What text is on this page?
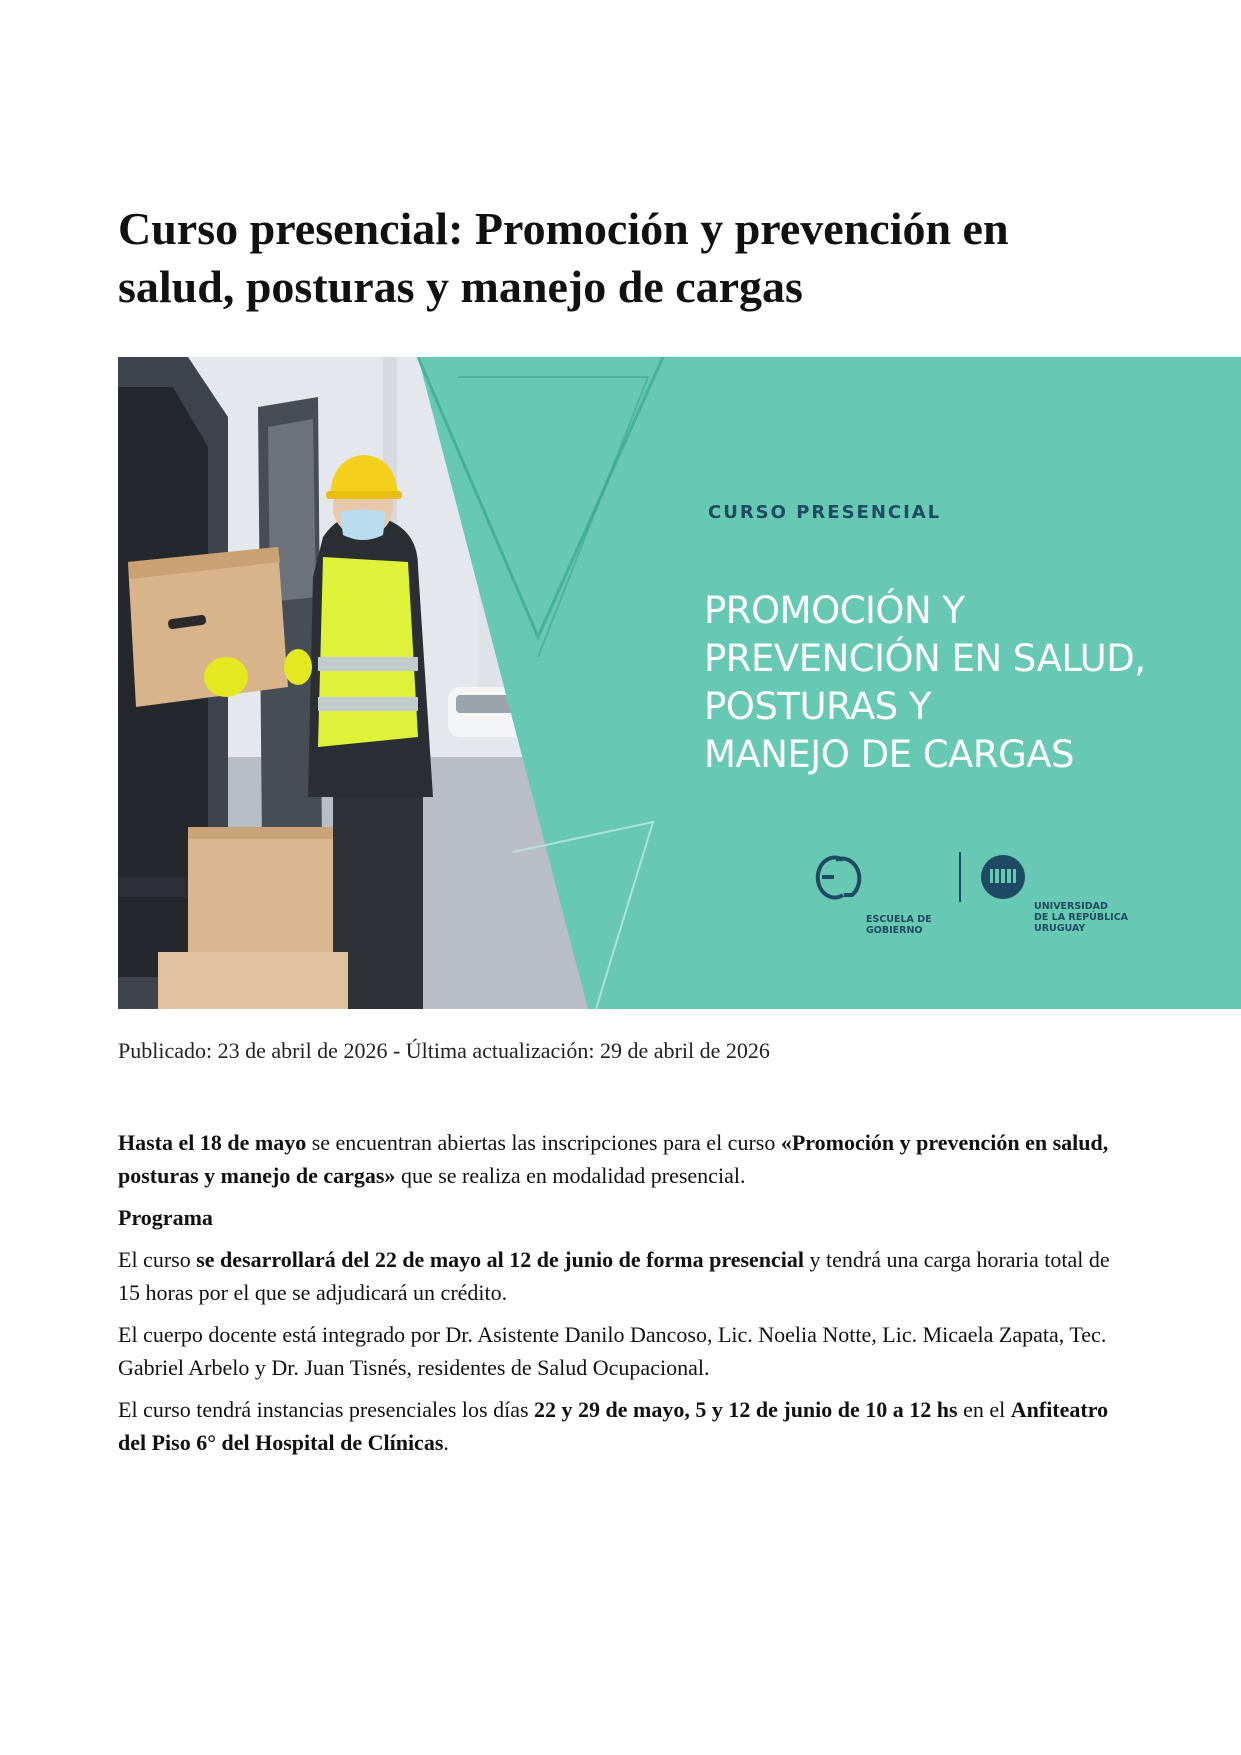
Curso presencial: Promoción y prevención en salud, posturas y manejo de cargas
CURSO PRESENCIAL
PROMOCIÓN Y
PREVENCIÓN EN SALUD,
POSTURAS Y
MANEJO DE CARGAS
ESCUELA DE
GOBIERNO
UNIVERSIDAD
DE LA REPÚBLICA
URUGUAY

Publicado: 23 de abril de 2026 - Última actualización: 29 de abril de 2026

Hasta el 18 de mayo se encuentran abiertas las inscripciones para el curso «Promoción y prevención en salud, posturas y manejo de cargas» que se realiza en modalidad presencial.

Programa

El curso se desarrollará del 22 de mayo al 12 de junio de forma presencial y tendrá una carga horaria total de 15 horas por el que se adjudicará un crédito.

El cuerpo docente está integrado por Dr. Asistente Danilo Dancoso, Lic. Noelia Notte, Lic. Micaela Zapata, Tec. Gabriel Arbelo y Dr. Juan Tisnés, residentes de Salud Ocupacional.

El curso tendrá instancias presenciales los días 22 y 29 de mayo, 5 y 12 de junio de 10 a 12 hs en el Anfiteatro del Piso 6° del Hospital de Clínicas.
